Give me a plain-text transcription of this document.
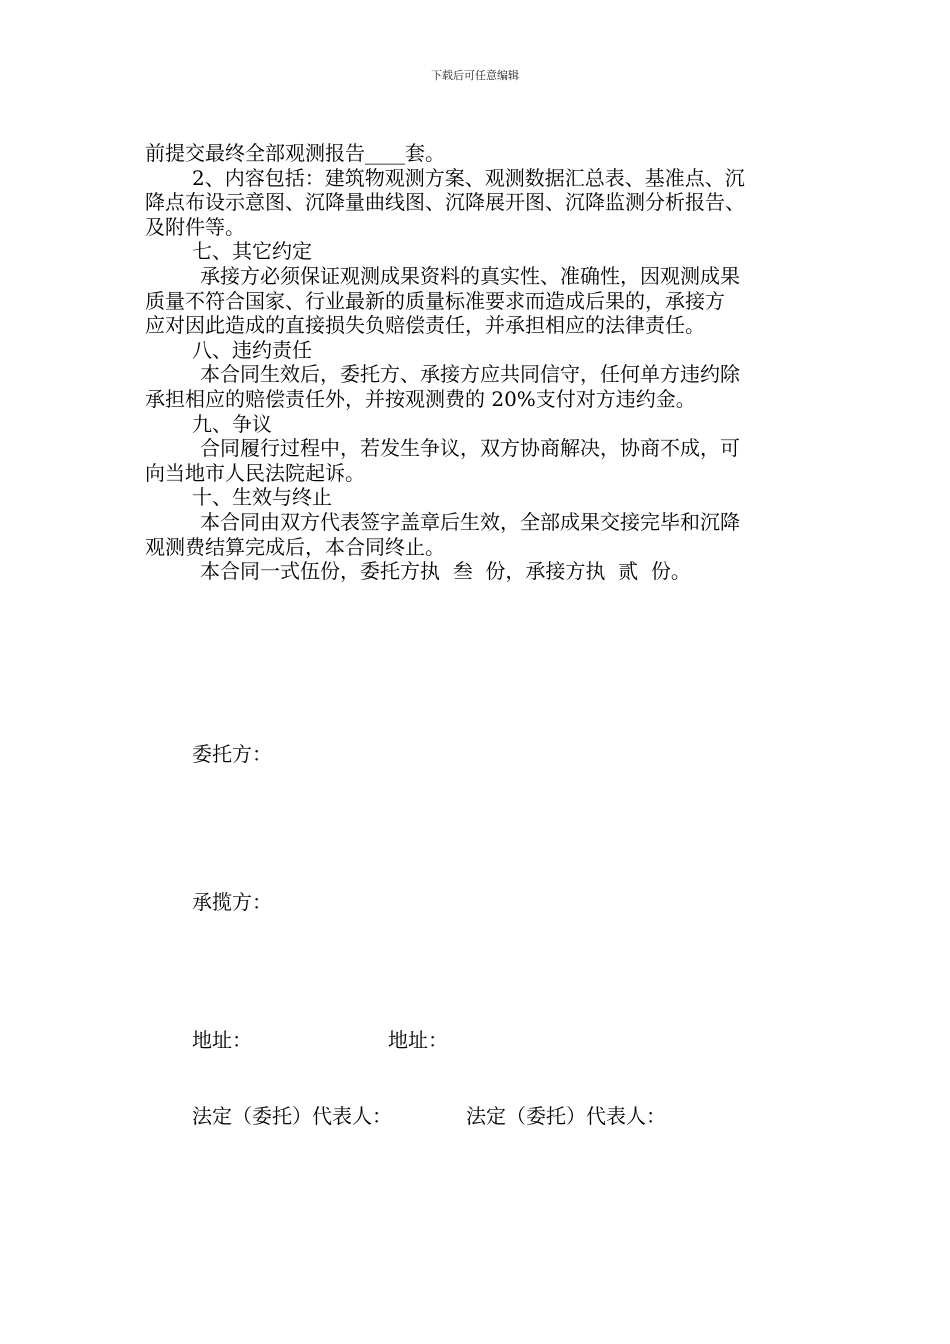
下载后可任意编辑
前提交最终全部观测报告____套。
2、内容包括：建筑物观测方案、观测数据汇总表、基准点、沉
降点布设示意图、沉降量曲线图、沉降展开图、沉降监测分析报告、
及附件等。
七、其它约定
承接方必须保证观测成果资料的真实性、准确性，因观测成果
质量不符合国家、行业最新的质量标准要求而造成后果的，承接方
应对因此造成的直接损失负赔偿责任，并承担相应的法律责任。
八、违约责任
本合同生效后，委托方、承接方应共同信守，任何单方违约除
承担相应的赔偿责任外，并按观测费的 20%支付对方违约金。
九、争议
合同履行过程中，若发生争议，双方协商解决，协商不成，可
向当地市人民法院起诉。
十、生效与终止
本合同由双方代表签字盖章后生效，全部成果交接完毕和沉降
观测费结算完成后，本合同终止。
本合同一式伍份，委托方执  叁  份，承接方执  贰  份。
委托方：
承揽方：
地址：	地址：
法定（委托）代表人：	法定（委托）代表人：
